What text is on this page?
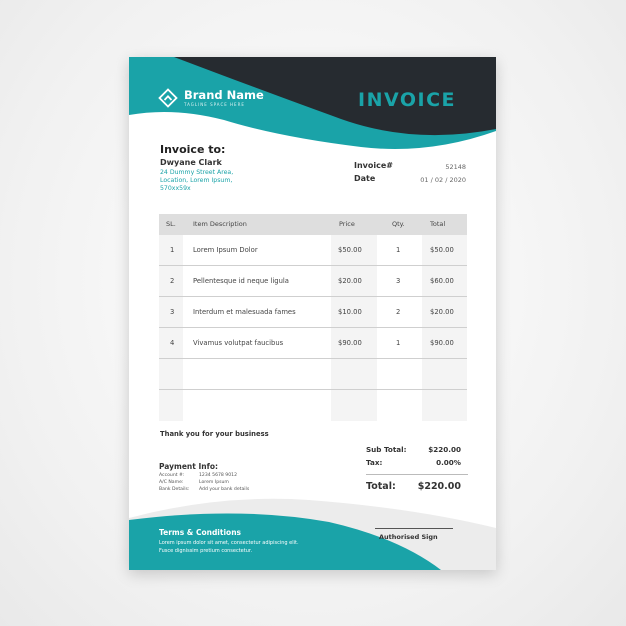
Brand Name
TAGLINE SPACE HERE	INVOICE
Invoice to:
Dwyane Clark
24 Dummy Street Area,
Location, Lorem Ipsum,
570xx59x
Invoice#	52148
Date	01 / 02 / 2020
SL.	Item Description	Price	Qty.	Total
1	Lorem Ipsum Dolor	$50.00	1	$50.00
2	Pellentesque id neque ligula	$20.00	3	$60.00
3	Interdum et malesuada fames	$10.00	2	$20.00
4	Vivamus volutpat faucibus	$90.00	1	$90.00
Thank you for your business
Payment Info:
Account #:	1234 5678 9012
A/C Name:	Lorem Ipsum
Bank Details: Add your bank details
Sub Total:	$220.00
Tax:	0.00%
Total: $220.00
Terms & Conditions
Lorem ipsum dolor sit amet, consectetur adipiscing elit.
Fusce dignissim pretium consectetur.
Authorised Sign
